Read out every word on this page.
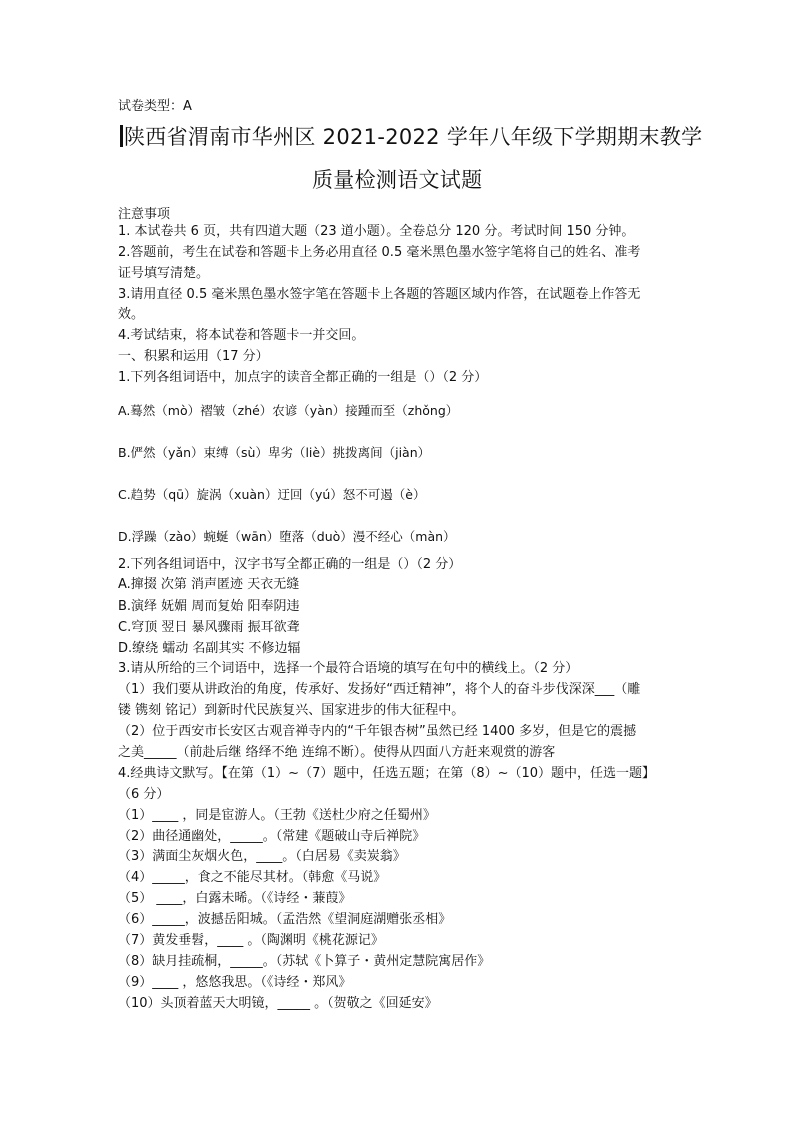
试卷类型：A
陕西省渭南市华州区 2021-2022 学年八年级下学期期末教学
质量检测语文试题
注意事项
1. 本试卷共 6 页，共有四道大题（23 道小题）。全卷总分 120 分。考试时间 150 分钟。
2.答题前，考生在试卷和答题卡上务必用直径 0.5 毫米黑色墨水签字笔将自己的姓名、准考
证号填写清楚。
3.请用直径 0.5 毫米黑色墨水签字笔在答题卡上各题的答题区域内作答，在试题卷上作答无
效。
4.考试结束，将本试卷和答题卡一并交回。
一、积累和运用（17 分）
1.下列各组词语中，加点字的读音全都正确的一组是（）（2 分）
A.蓦然（mò）褶皱（zhé）农谚（yàn）接踵而至（zhǒng）
B.俨然（yǎn）束缚（sù）卑劣（liè）挑拨离间（jiàn）
C.趋势（qū）旋涡（xuàn）迂回（yú）怒不可遏（è）
D.浮躁（zào）蜿蜒（wān）堕落（duò）漫不经心（màn）
2.下列各组词语中，汉字书写全都正确的一组是（）（2 分）
A.撺掇 次第 消声匿迹 天衣无缝
B.演绎 妩媚 周而复始 阳奉阴违
C.穹顶 翌日 暴风骤雨 振耳欲聋
D.缭绕 蠕动 名副其实 不修边辐
3.请从所给的三个词语中，选择一个最符合语境的填写在句中的横线上。（2 分）
（1）我们要从讲政治的角度，传承好、发扬好“西迁精神”，将个人的奋斗步伐深深___（雕
镂 镌刻 铭记）到新时代民族复兴、国家进步的伟大征程中。
（2）位于西安市长安区古观音禅寺内的“千年银杏树”虽然已经 1400 多岁，但是它的震撼
之美_____（前赴后继 络绎不绝 连绵不断）。使得从四面八方赶来观赏的游客
4.经典诗文默写。【在第（1）~（7）题中，任选五题；在第（8）~（10）题中，任选一题】
（6 分）
（1）____ ，同是宦游人。（王勃《送杜少府之任蜀州》
（2）曲径通幽处，_____。（常建《题破山寺后禅院》
（3）满面尘灰烟火色，____。（白居易《卖炭翁》
（4）_____，食之不能尽其材。（韩愈《马说》
（5） ____，白露未晞。（《诗经・蒹葭》
（6）_____，波撼岳阳城。（孟浩然《望洞庭湖赠张丞相》
（7）黄发垂髫，____ 。（陶渊明《桃花源记》
（8）缺月挂疏桐，_____。（苏轼《卜算子・黄州定慧院寓居作》
（9）____ ，悠悠我思。（《诗经・郑风》
（10）头顶着蓝天大明镜，_____ 。（贺敬之《回延安》
